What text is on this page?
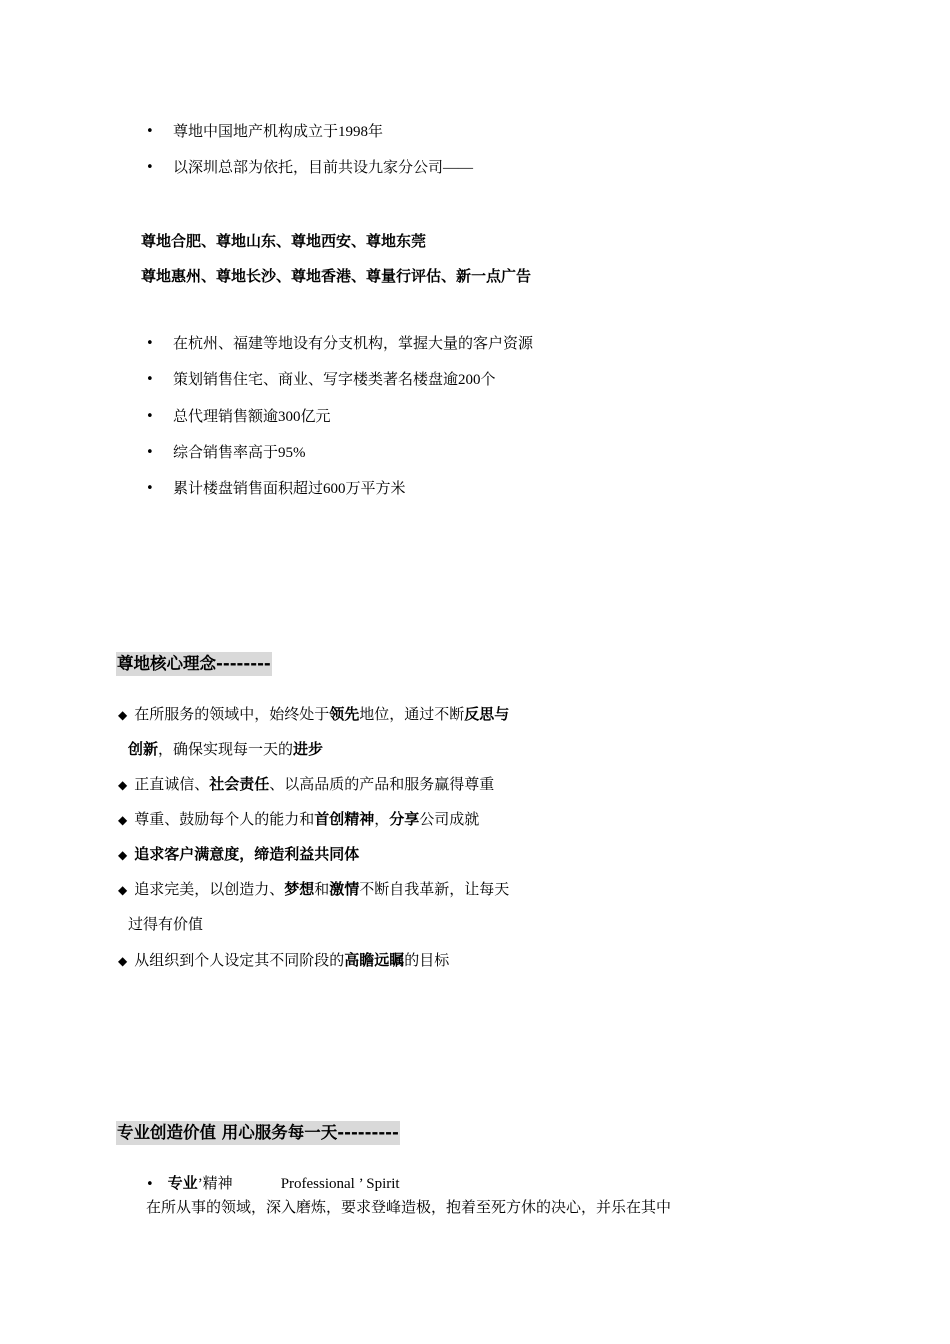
• 尊地中国地产机构成立于1998年
• 以深圳总部为依托，目前共设九家分公司——
尊地合肥、尊地山东、尊地西安、尊地东莞
尊地惠州、尊地长沙、尊地香港、尊量行评估、新一点广告
• 在杭州、福建等地设有分支机构，掌握大量的客户资源
• 策划销售住宅、商业、写字楼类著名楼盘逾200个
• 总代理销售额逾300亿元
• 综合销售率高于95%
• 累计楼盘销售面积超过600万平方米
尊地核心理念--------
◆ 在所服务的领域中，始终处于领先地位，通过不断反思与
创新，确保实现每一天的进步
◆ 正直诚信、社会责任、以高品质的产品和服务赢得尊重
◆ 尊重、鼓励每个人的能力和首创精神，分享公司成就
◆ 追求客户满意度，缔造利益共同体
◆ 追求完美，以创造力、梦想和激情不断自我革新，让每天
过得有价值
◆ 从组织到个人设定其不同阶段的高瞻远瞩的目标
专业创造价值 用心服务每一天---------
• 专业’精神	Professional ’ Spirit
在所从事的领域，深入磨炼，要求登峰造极，抱着至死方休的决心，并乐在其中
